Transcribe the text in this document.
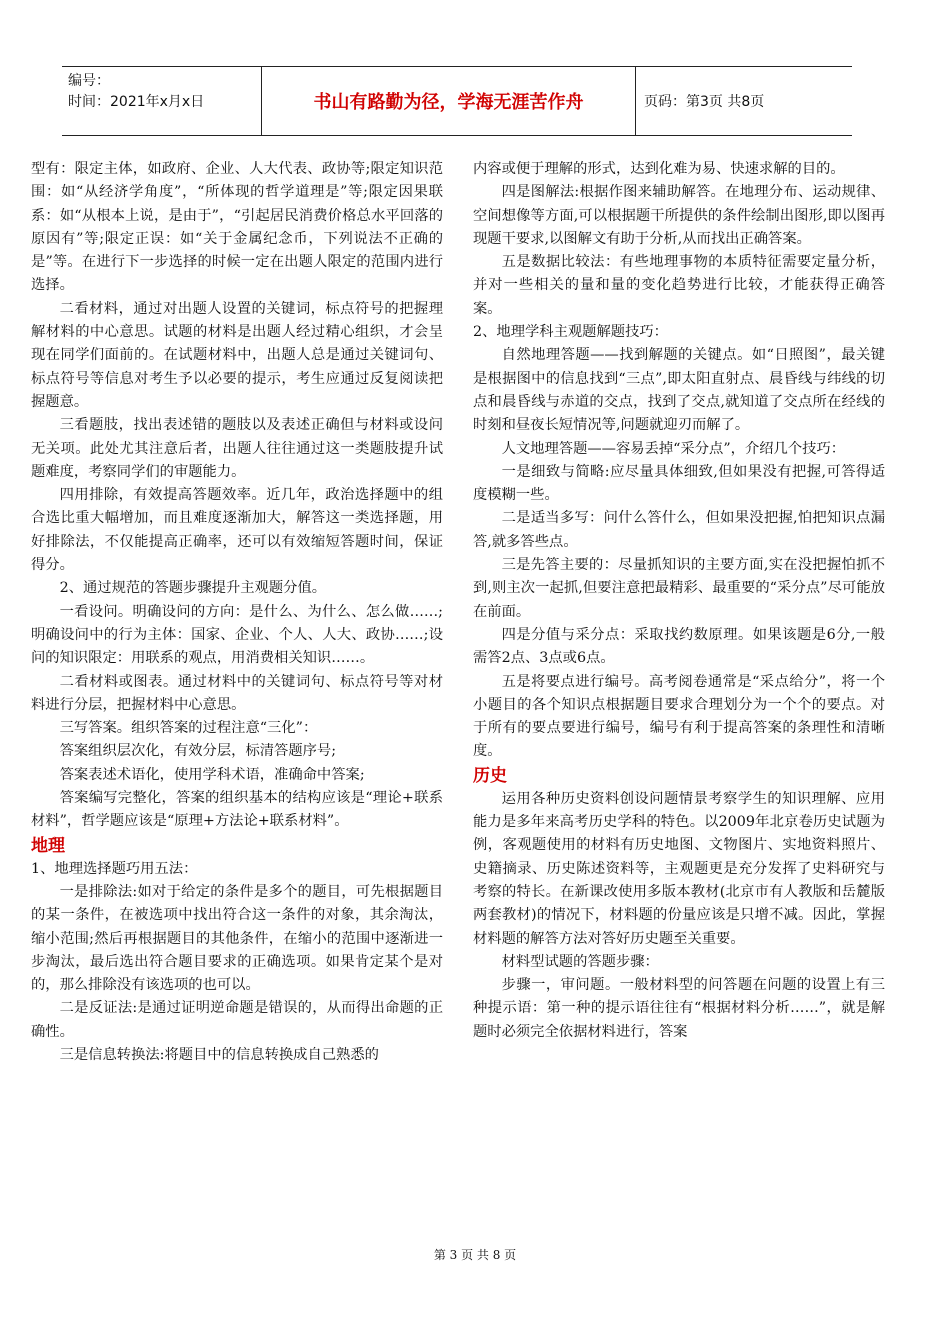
编号：
时间：2021年x月x日	书山有路勤为径，学海无涯苦作舟	页码：第3页 共8页

型有：限定主体，如政府、企业、人大代表、政协等;限定知识范围：如“从经济学角度”，“所体现的哲学道理是”等;限定因果联系：如“从根本上说，是由于”，“引起居民消费价格总水平回落的原因有”等;限定正误：如“关于金属纪念币，下列说法不正确的是”等。在进行下一步选择的时候一定在出题人限定的范围内进行选择。

二看材料，通过对出题人设置的关键词，标点符号的把握理解材料的中心意思。试题的材料是出题人经过精心组织，才会呈现在同学们面前的。在试题材料中，出题人总是通过关键词句、标点符号等信息对考生予以必要的提示，考生应通过反复阅读把握题意。

三看题肢，找出表述错的题肢以及表述正确但与材料或设问无关项。此处尤其注意后者，出题人往往通过这一类题肢提升试题难度，考察同学们的审题能力。

四用排除，有效提高答题效率。近几年，政治选择题中的组合选比重大幅增加，而且难度逐渐加大，解答这一类选择题，用好排除法，不仅能提高正确率，还可以有效缩短答题时间，保证得分。

2、通过规范的答题步骤提升主观题分值。

一看设问。明确设问的方向：是什么、为什么、怎么做……;明确设问中的行为主体：国家、企业、个人、人大、政协……;设问的知识限定：用联系的观点，用消费相关知识……。

二看材料或图表。通过材料中的关键词句、标点符号等对材料进行分层，把握材料中心意思。

三写答案。组织答案的过程注意“三化”：

答案组织层次化，有效分层，标清答题序号;

答案表述术语化，使用学科术语，准确命中答案;

答案编写完整化，答案的组织基本的结构应该是“理论+联系材料”，哲学题应该是“原理+方法论+联系材料”。

地理

1、地理选择题巧用五法：

一是排除法:如对于给定的条件是多个的题目，可先根据题目的某一条件，在被选项中找出符合这一条件的对象，其余淘汰，缩小范围;然后再根据题目的其他条件，在缩小的范围中逐渐进一步淘汰，最后选出符合题目要求的正确选项。如果肯定某个是对的，那么排除没有该选项的也可以。

二是反证法:是通过证明逆命题是错误的，从而得出命题的正确性。

三是信息转换法:将题目中的信息转换成自己熟悉的

内容或便于理解的形式，达到化难为易、快速求解的目的。

四是图解法:根据作图来辅助解答。在地理分布、运动规律、空间想像等方面,可以根据题干所提供的条件绘制出图形,即以图再现题干要求,以图解文有助于分析,从而找出正确答案。

五是数据比较法：有些地理事物的本质特征需要定量分析，并对一些相关的量和量的变化趋势进行比较，才能获得正确答案。

2、地理学科主观题解题技巧：

自然地理答题——找到解题的关键点。如“日照图”，最关键是根据图中的信息找到“三点”,即太阳直射点、晨昏线与纬线的切点和晨昏线与赤道的交点，找到了交点,就知道了交点所在经线的时刻和昼夜长短情况等,问题就迎刃而解了。

人文地理答题——容易丢掉“采分点”，介绍几个技巧：

一是细致与简略:应尽量具体细致,但如果没有把握,可答得适度模糊一些。

二是适当多写：问什么答什么，但如果没把握,怕把知识点漏答,就多答些点。

三是先答主要的：尽量抓知识的主要方面,实在没把握怕抓不到,则主次一起抓,但要注意把最精彩、最重要的“采分点”尽可能放在前面。

四是分值与采分点：采取找约数原理。如果该题是6分,一般需答2点、3点或6点。

五是将要点进行编号。高考阅卷通常是“采点给分”，将一个小题目的各个知识点根据题目要求合理划分为一个个的要点。对于所有的要点要进行编号，编号有利于提高答案的条理性和清晰度。

历史

运用各种历史资料创设问题情景考察学生的知识理解、应用能力是多年来高考历史学科的特色。以2009年北京卷历史试题为例，客观题使用的材料有历史地图、文物图片、实地资料照片、史籍摘录、历史陈述资料等，主观题更是充分发挥了史料研究与考察的特长。在新课改使用多版本教材(北京市有人教版和岳麓版两套教材)的情况下，材料题的份量应该是只增不减。因此，掌握材料题的解答方法对答好历史题至关重要。

材料型试题的答题步骤：

步骤一，审问题。一般材料型的问答题在问题的设置上有三种提示语：第一种的提示语往往有“根据材料分析……”，就是解题时必须完全依据材料进行，答案

第 3 页 共 8 页
